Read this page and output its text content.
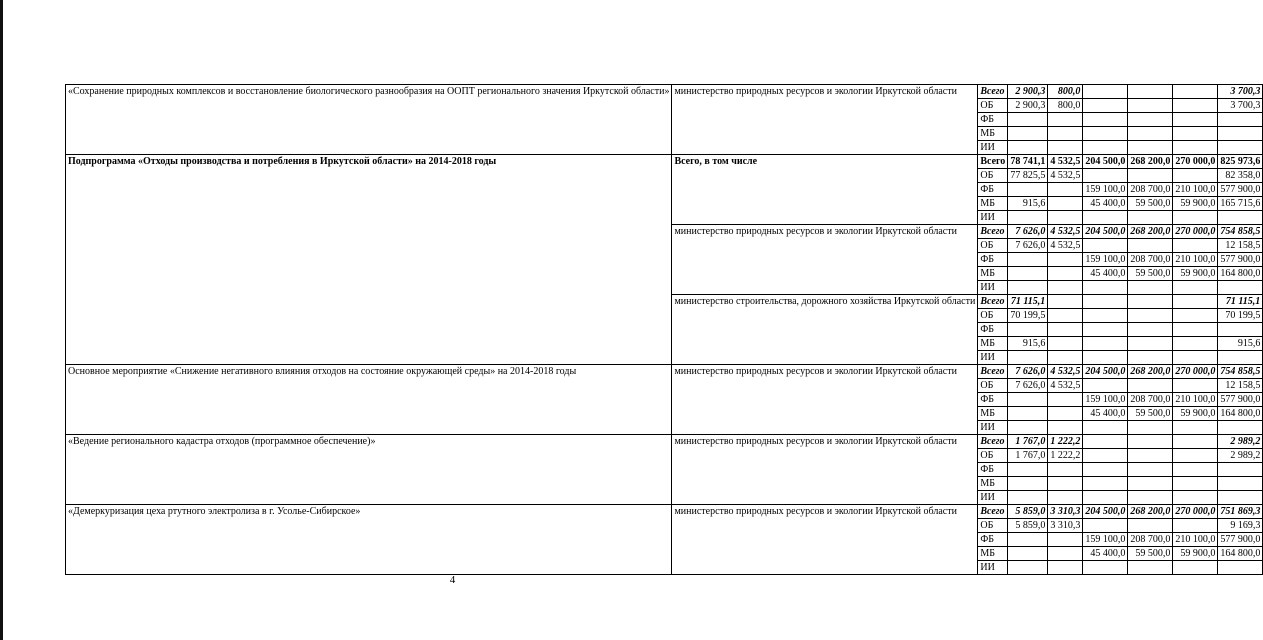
«Сохранение природных комплексов и восстановление биологического разнообразия на ООПТ регионального значения Иркутской области»	министерство природных ресурсов и экологии Иркутской области	Всего	2 900,3	800,0				3 700,3
		ОБ	2 900,3	800,0				3 700,3
		ФБ						
		МБ						
		ИИ						
Подпрограмма «Отходы производства и потребления в Иркутской области» на 2014-2018 годы	Всего, в том числе	Всего	78 741,1	4 532,5	204 500,0	268 200,0	270 000,0	825 973,6
		ОБ	77 825,5	4 532,5				82 358,0
		ФБ			159 100,0	208 700,0	210 100,0	577 900,0
		МБ	915,6		45 400,0	59 500,0	59 900,0	165 715,6
		ИИ						
	министерство природных ресурсов и экологии Иркутской области	Всего	7 626,0	4 532,5	204 500,0	268 200,0	270 000,0	754 858,5
		ОБ	7 626,0	4 532,5				12 158,5
		ФБ			159 100,0	208 700,0	210 100,0	577 900,0
		МБ			45 400,0	59 500,0	59 900,0	164 800,0
		ИИ						
	министерство строительства, дорожного хозяйства Иркутской области	Всего	71 115,1					71 115,1
		ОБ	70 199,5					70 199,5
		ФБ						
		МБ	915,6					915,6
		ИИ						
Основное мероприятие «Снижение негативного влияния отходов на состояние окружающей среды» на 2014-2018 годы	министерство природных ресурсов и экологии Иркутской области	Всего	7 626,0	4 532,5	204 500,0	268 200,0	270 000,0	754 858,5
		ОБ	7 626,0	4 532,5				12 158,5
		ФБ			159 100,0	208 700,0	210 100,0	577 900,0
		МБ			45 400,0	59 500,0	59 900,0	164 800,0
		ИИ						
«Ведение регионального кадастра отходов (программное обеспечение)»	министерство природных ресурсов и экологии Иркутской области	Всего	1 767,0	1 222,2				2 989,2
		ОБ	1 767,0	1 222,2				2 989,2
		ФБ						
		МБ						
		ИИ						
«Демеркуризация цеха ртутного электролиза в г. Усолье-Сибирское»	министерство природных ресурсов и экологии Иркутской области	Всего	5 859,0	3 310,3	204 500,0	268 200,0	270 000,0	751 869,3
		ОБ	5 859,0	3 310,3				9 169,3
		ФБ			159 100,0	208 700,0	210 100,0	577 900,0
		МБ			45 400,0	59 500,0	59 900,0	164 800,0
		ИИ						
4
